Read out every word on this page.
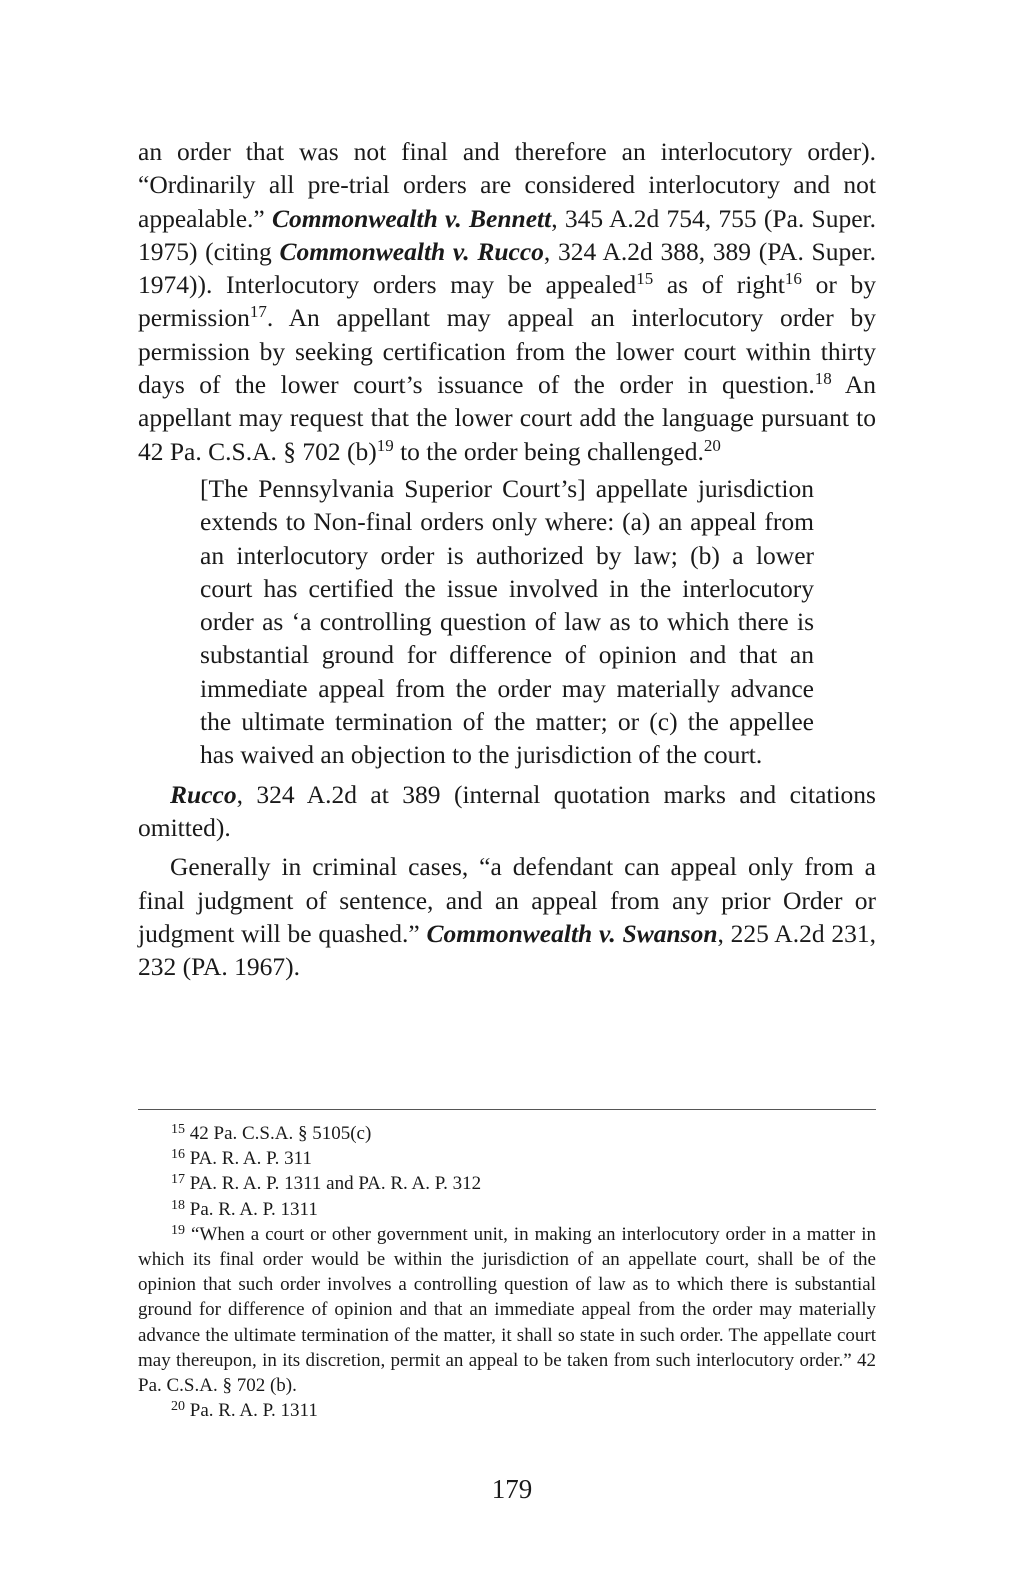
an order that was not final and therefore an interlocutory order). “Ordinarily all pre-trial orders are considered interlocutory and not appealable.” Commonwealth v. Bennett, 345 A.2d 754, 755 (Pa. Super. 1975) (citing Commonwealth v. Rucco, 324 A.2d 388, 389 (PA. Super. 1974)). Interlocutory orders may be appealed$^{15}$ as of right$^{16}$ or by permission$^{17}$. An appellant may appeal an interlocutory order by permission by seeking certification from the lower court within thirty days of the lower court’s issuance of the order in question.$^{18}$ An appellant may request that the lower court add the language pursuant to 42 Pa. C.S.A. § 702 $(b)^{19}$ to the order being challenged.$^{20}$

[The Pennsylvania Superior Court’s] appellate jurisdiction extends to Non-final orders only where: (a) an appeal from an interlocutory order is authorized by law; (b) a lower court has certified the issue involved in the interlocutory order as ‘a controlling question of law as to which there is substantial ground for difference of opinion and that an immediate appeal from the order may materially advance the ultimate termination of the matter; or (c) the appellee has waived an objection to the jurisdiction of the court.

Rucco, 324 A.2d at 389 (internal quotation marks and citations omitted).

Generally in criminal cases, “a defendant can appeal only from a final judgment of sentence, and an appeal from any prior Order or judgment will be quashed.” Commonwealth v. Swanson, 225 A.2d 231, 232 (PA. 1967).

$^{15}$ 42 Pa. C.S.A. § 5105(c)

$^{16}$ PA. R. A. P. 311

$^{17}$ PA. R. A. P. 1311 and PA. R. A. P. 312

$^{18}$ Pa. R. A. P. 1311

$^{19}$ “When a court or other government unit, in making an interlocutory order in a matter in which its final order would be within the jurisdiction of an appellate court, shall be of the opinion that such order involves a controlling question of law as to which there is substantial ground for difference of opinion and that an immediate appeal from the order may materially advance the ultimate termination of the matter, it shall so state in such order. The appellate court may thereupon, in its discretion, permit an appeal to be taken from such interlocutory order.” 42 Pa. C.S.A. § 702 (b).

$^{20}$ Pa. R. A. P. 1311

179
